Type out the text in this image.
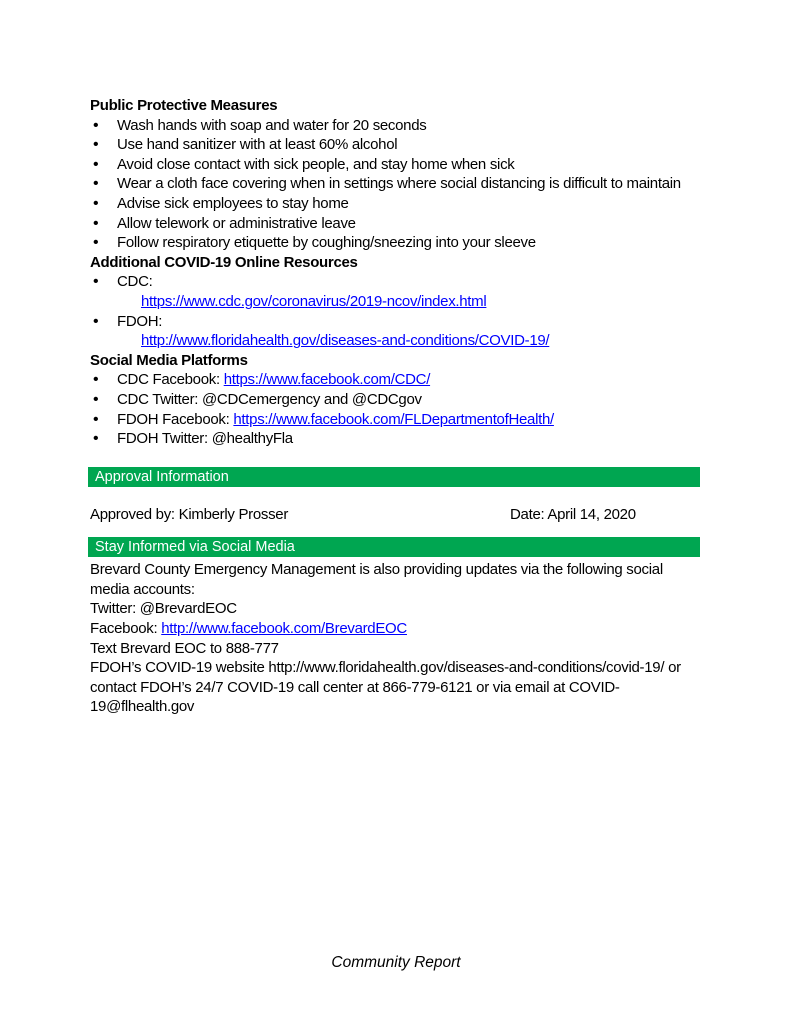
Public Protective Measures
• Wash hands with soap and water for 20 seconds
• Use hand sanitizer with at least 60% alcohol
• Avoid close contact with sick people, and stay home when sick
• Wear a cloth face covering when in settings where social distancing is difficult to maintain
• Advise sick employees to stay home
• Allow telework or administrative leave
• Follow respiratory etiquette by coughing/sneezing into your sleeve
Additional COVID-19 Online Resources
• CDC:
https://www.cdc.gov/coronavirus/2019-ncov/index.html
• FDOH:
http://www.floridahealth.gov/diseases-and-conditions/COVID-19/
Social Media Platforms
• CDC Facebook: https://www.facebook.com/CDC/
• CDC Twitter: @CDCemergency and @CDCgov
• FDOH Facebook: https://www.facebook.com/FLDepartmentofHealth/
• FDOH Twitter: @healthyFla
Approval Information
Approved by: Kimberly Prosser	Date: April 14, 2020
Stay Informed via Social Media
Brevard County Emergency Management is also providing updates via the following social
media accounts:
Twitter: @BrevardEOC
Facebook: http://www.facebook.com/BrevardEOC
Text Brevard EOC to 888-777
FDOH’s COVID-19 website http://www.floridahealth.gov/diseases-and-conditions/covid-19/ or
contact FDOH’s 24/7 COVID-19 call center at 866-779-6121 or via email at COVID-
19@flhealth.gov
Community Report
